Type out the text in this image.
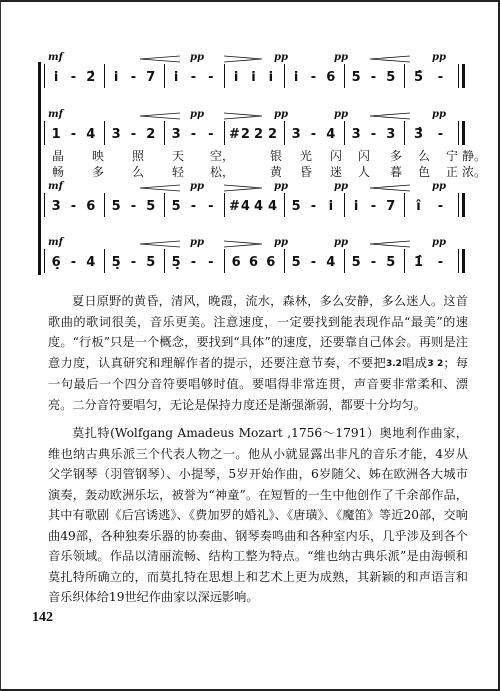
i - 2̇ i - 7 i - - i i i i - 6 5 - 5 5̂ -
mf	pp	pp	pp	pp
1 - 4 3 - 2 3 - - #2 2 2 3 - 4 3 - 3 3̂ -
mf	pp	pp	pp	pp
晶 映 照 天 空，	银 光 闪 闪 多 么 宁 静。
畅 多 么 轻 松，	黄 昏 迷 人 暮 色 正 浓。
3 - 6 5 - 5 5 - - #4 4 4 5 - i i - 7 î -
mf	pp	pp	pp	pp
6̣ - 4 5̣ - 5 5̣ - - 6 6 6 5 - 4 5 - 5 1̂ -
mf	pp	pp	pp	pp

夏日原野的黄昏，清风，晚霞，流水，森林，多么安静，多么迷人。这首歌曲的歌词很美，音乐更美。注意速度，一定要找到能表现作品“最美”的速度。“行板”只是一个概念，要找到“具体”的速度，还要靠自己体会。再则是注意力度，认真研究和理解作者的提示，还要注意节奏，不要把3.2唱成3 2；每一句最后一个四分音符要唱够时值。要唱得非常连贯，声音要非常柔和、漂亮。二分音符要唱匀，无论是保持力度还是渐强渐弱，都要十分均匀。

莫扎特(Wolfgang Amadeus Mozart ,1756～1791）奥地利作曲家，维也纳古典乐派三个代表人物之一。他从小就显露出非凡的音乐才能，4岁从父学钢琴（羽管钢琴）、小提琴，5岁开始作曲，6岁随父、姊在欧洲各大城市演奏，轰动欧洲乐坛，被誉为“神童”。在短暂的一生中他创作了千余部作品，其中有歌剧《后宫诱逃》、《费加罗的婚礼》、《唐璜》、《魔笛》等近20部，交响曲49部，各种独奏乐器的协奏曲、钢琴奏鸣曲和各种室内乐，几乎涉及到各个音乐领域。作品以清丽流畅、结构工整为特点。“维也纳古典乐派”是由海顿和莫扎特所确立的，而莫扎特在思想上和艺术上更为成熟，其新颖的和声语言和音乐织体给19世纪作曲家以深远影响。

142
